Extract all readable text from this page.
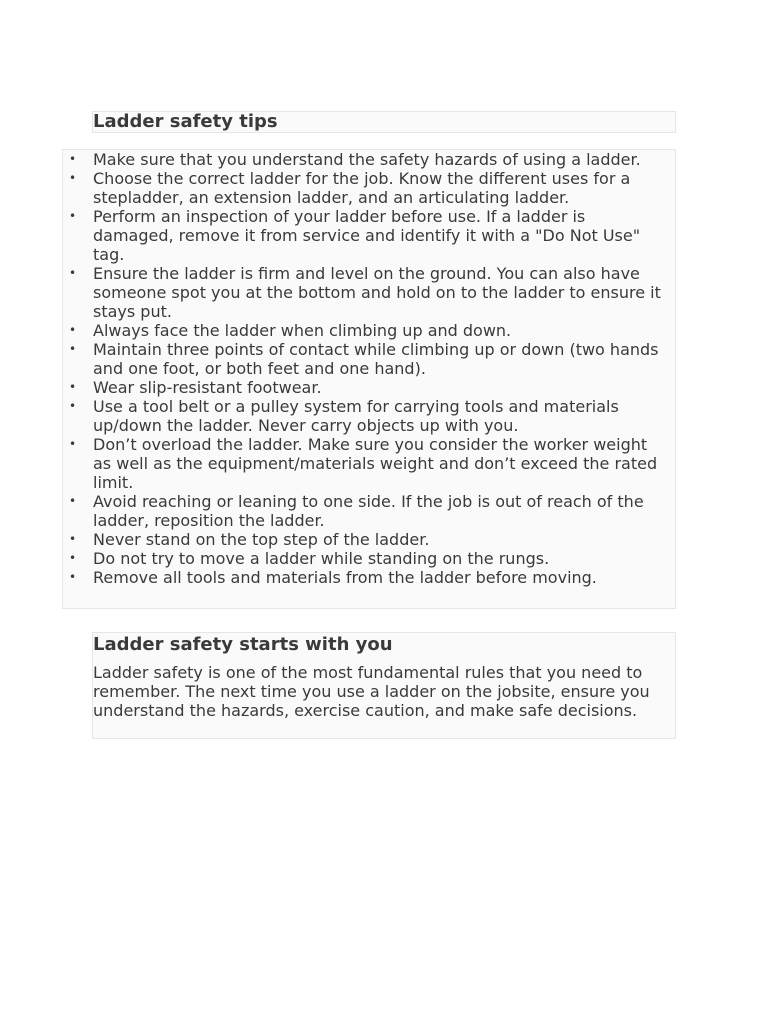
Ladder safety tips
• Make sure that you understand the safety hazards of using a ladder.
• Choose the correct ladder for the job. Know the different uses for a stepladder, an extension ladder, and an articulating ladder.
• Perform an inspection of your ladder before use. If a ladder is damaged, remove it from service and identify it with a "Do Not Use" tag.
• Ensure the ladder is firm and level on the ground. You can also have someone spot you at the bottom and hold on to the ladder to ensure it stays put.
• Always face the ladder when climbing up and down.
• Maintain three points of contact while climbing up or down (two hands and one foot, or both feet and one hand).
• Wear slip-resistant footwear.
• Use a tool belt or a pulley system for carrying tools and materials up/down the ladder. Never carry objects up with you.
• Don’t overload the ladder. Make sure you consider the worker weight as well as the equipment/materials weight and don’t exceed the rated limit.
• Avoid reaching or leaning to one side. If the job is out of reach of the ladder, reposition the ladder.
• Never stand on the top step of the ladder.
• Do not try to move a ladder while standing on the rungs.
• Remove all tools and materials from the ladder before moving.
Ladder safety starts with you

Ladder safety is one of the most fundamental rules that you need to remember. The next time you use a ladder on the jobsite, ensure you understand the hazards, exercise caution, and make safe decisions.
